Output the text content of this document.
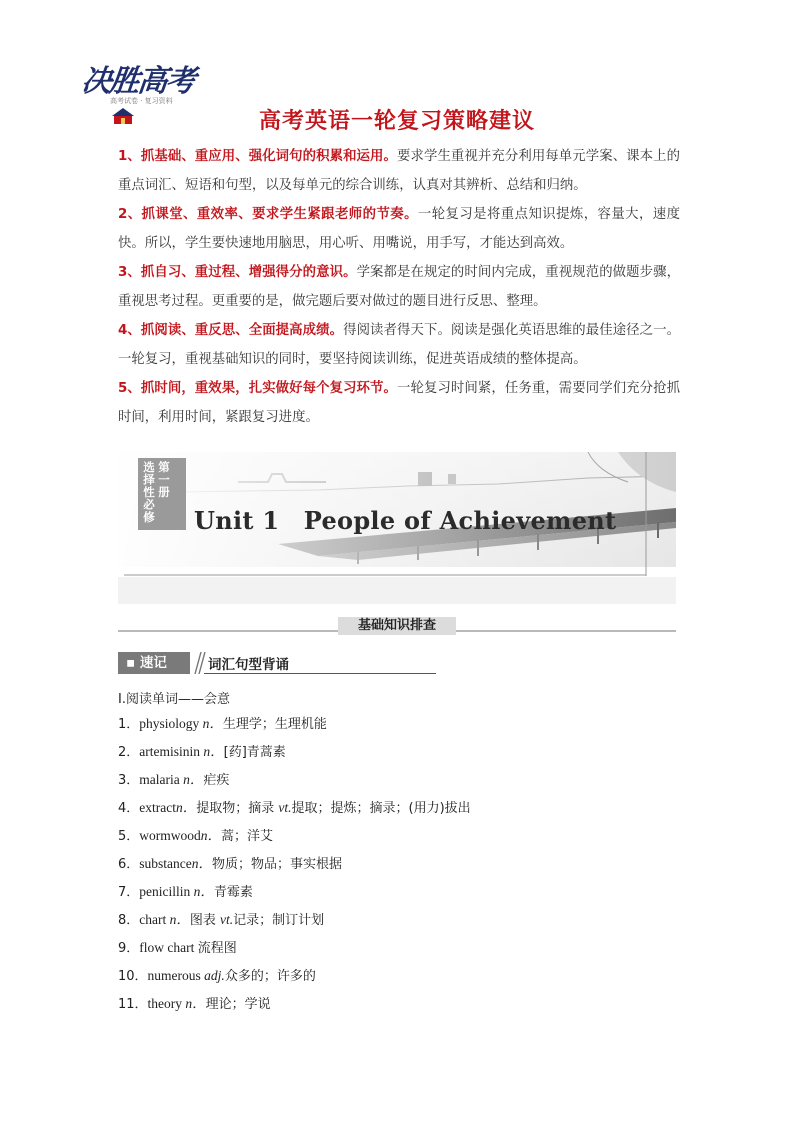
决胜高考
高考试卷 · 复习资料
高考英语一轮复习策略建议

1、抓基础、重应用、强化词句的积累和运用。要求学生重视并充分利用每单元学案、课本上的重点词汇、短语和句型，以及每单元的综合训练，认真对其辨析、总结和归纳。

2、抓课堂、重效率、要求学生紧跟老师的节奏。一轮复习是将重点知识提炼，容量大，速度快。所以，学生要快速地用脑思，用心听、用嘴说，用手写，才能达到高效。

3、抓自习、重过程、增强得分的意识。学案都是在规定的时间内完成，重视规范的做题步骤，重视思考过程。更重要的是，做完题后要对做过的题目进行反思、整理。

4、抓阅读、重反思、全面提高成绩。得阅读者得天下。阅读是强化英语思维的最佳途径之一。一轮复习，重视基础知识的同时，要坚持阅读训练，促进英语成绩的整体提高。

5、抓时间，重效果，扎实做好每个复习环节。一轮复习时间紧，任务重，需要同学们充分抢抓时间，利用时间，紧跟复习进度。

选择性必修 第一册
Unit 1　People of Achievement
基础知识排查
▪ 速记	词汇句型背诵
Ⅰ.阅读单词——会意
1．physiology n．生理学；生理机能
2．artemisinin n．[药]青蒿素
3．malaria n．疟疾
4．extractn．提取物；摘录 vt.提取；提炼；摘录；(用力)拔出
5．wormwoodn．蒿；洋艾
6．substancen．物质；物品；事实根据
7．penicillin n．青霉素
8．chart n．图表 vt.记录；制订计划
9．flow chart 流程图
10．numerous adj.众多的；许多的
11．theory n．理论；学说
